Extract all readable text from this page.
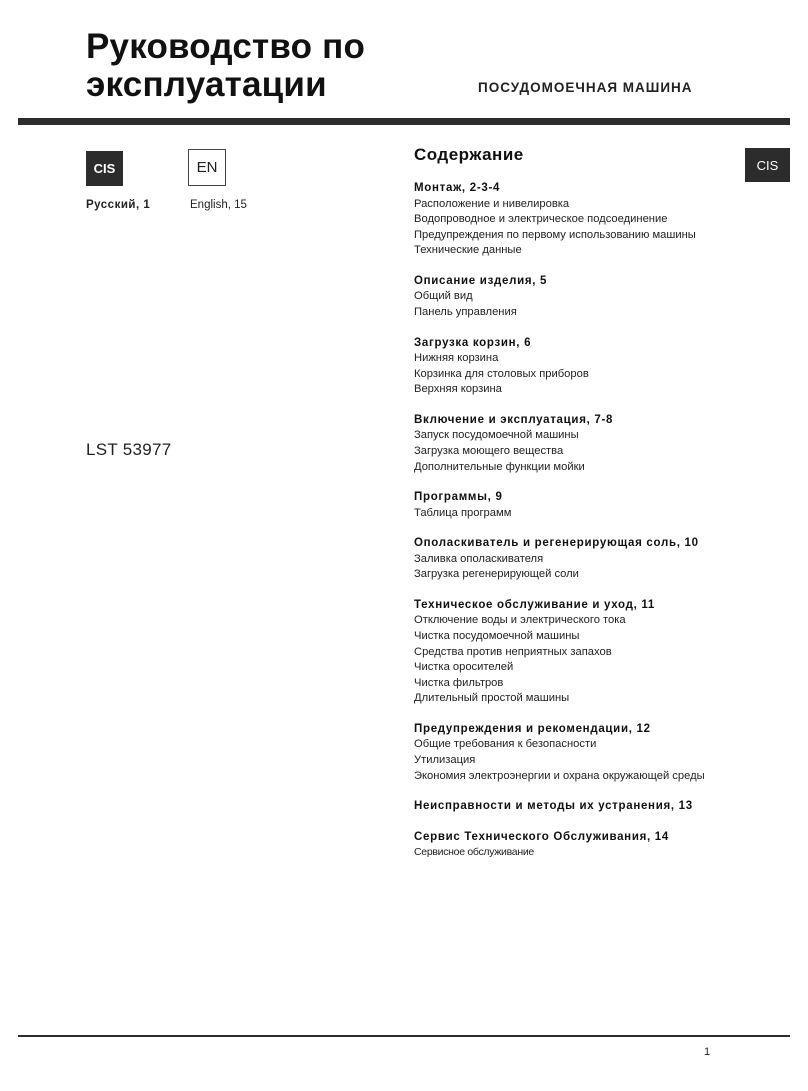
Руководство по
эксплуатации	ПОСУДОМОЕЧНАЯ МАШИНА
CIS	EN
Русский, 1	English, 15
LST 53977
Содержание
CIS
Монтаж, 2-3-4
Расположение и нивелировка
Водопроводное и электрическое подсоединение
Предупреждения по первому использованию машины
Технические данные
Описание изделия, 5
Общий вид
Панель управления
Загрузка корзин, 6
Нижняя корзина
Корзинка для столовых приборов
Верхняя корзина
Включение и эксплуатация, 7-8
Запуск посудомоечной машины
Загрузка моющего вещества
Дополнительные функции мойки
Программы, 9
Таблица программ
Ополаскиватель и регенерирующая соль, 10
Заливка ополаскивателя
Загрузка регенерирующей соли
Техническое обслуживание и уход, 11
Отключение воды и электрического тока
Чистка посудомоечной машины
Средства против неприятных запахов
Чистка оросителей
Чистка фильтров
Длительный простой машины
Предупреждения и рекомендации, 12
Общие требования к безопасности
Утилизация
Экономия электроэнергии и охрана окружающей среды
Неисправности и методы их устранения, 13
Сервис Технического Обслуживания, 14
Сервисное обслуживание
1
